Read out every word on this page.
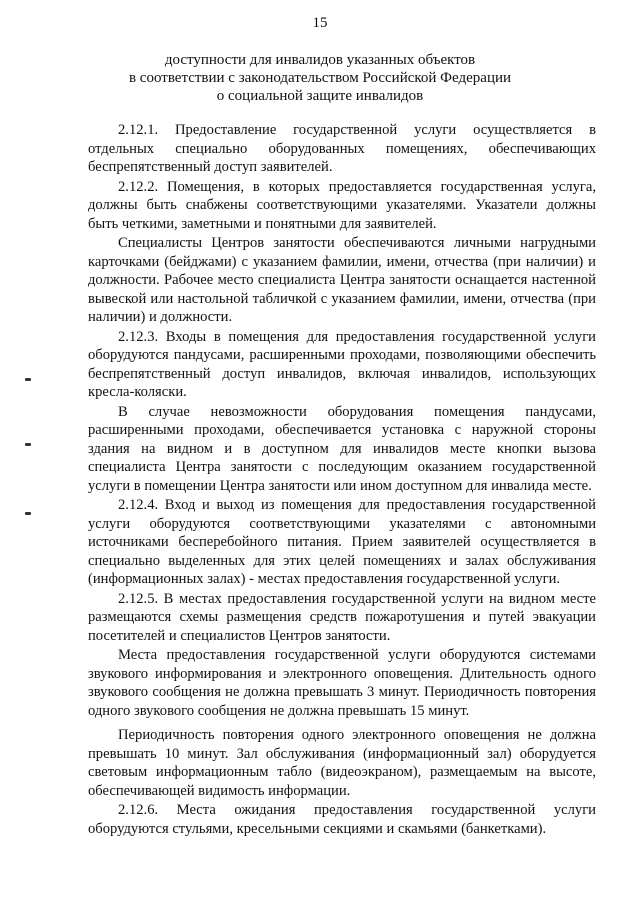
15
доступности для инвалидов указанных объектов
в соответствии с законодательством Российской Федерации
о социальной защите инвалидов

2.12.1. Предоставление государственной услуги осуществляется в отдельных специально оборудованных помещениях, обеспечивающих беспрепятственный доступ заявителей.

2.12.2. Помещения, в которых предоставляется государственная услуга, должны быть снабжены соответствующими указателями. Указатели должны быть четкими, заметными и понятными для заявителей.

Специалисты Центров занятости обеспечиваются личными нагрудными карточками (бейджами) с указанием фамилии, имени, отчества (при наличии) и должности. Рабочее место специалиста Центра занятости оснащается настенной вывеской или настольной табличкой с указанием фамилии, имени, отчества (при наличии) и должности.

2.12.3. Входы в помещения для предоставления государственной услуги оборудуются пандусами, расширенными проходами, позволяющими обеспечить беспрепятственный доступ инвалидов, включая инвалидов, использующих кресла-коляски.

В случае невозможности оборудования помещения пандусами, расширенными проходами, обеспечивается установка с наружной стороны здания на видном и в доступном для инвалидов месте кнопки вызова специалиста Центра занятости с последующим оказанием государственной услуги в помещении Центра занятости или ином доступном для инвалида месте.

2.12.4. Вход и выход из помещения для предоставления государственной услуги оборудуются соответствующими указателями с автономными источниками бесперебойного питания. Прием заявителей осуществляется в специально выделенных для этих целей помещениях и залах обслуживания (информационных залах) - местах предоставления государственной услуги.

2.12.5. В местах предоставления государственной услуги на видном месте размещаются схемы размещения средств пожаротушения и путей эвакуации посетителей и специалистов Центров занятости.

Места предоставления государственной услуги оборудуются системами звукового информирования и электронного оповещения. Длительность одного звукового сообщения не должна превышать 3 минут. Периодичность повторения одного звукового сообщения не должна превышать 15 минут.

Периодичность повторения одного электронного оповещения не должна превышать 10 минут. Зал обслуживания (информационный зал) оборудуется световым информационным табло (видеоэкраном), размещаемым на высоте, обеспечивающей видимость информации.

2.12.6. Места ожидания предоставления государственной услуги оборудуются стульями, кресельными секциями и скамьями (банкетками).
